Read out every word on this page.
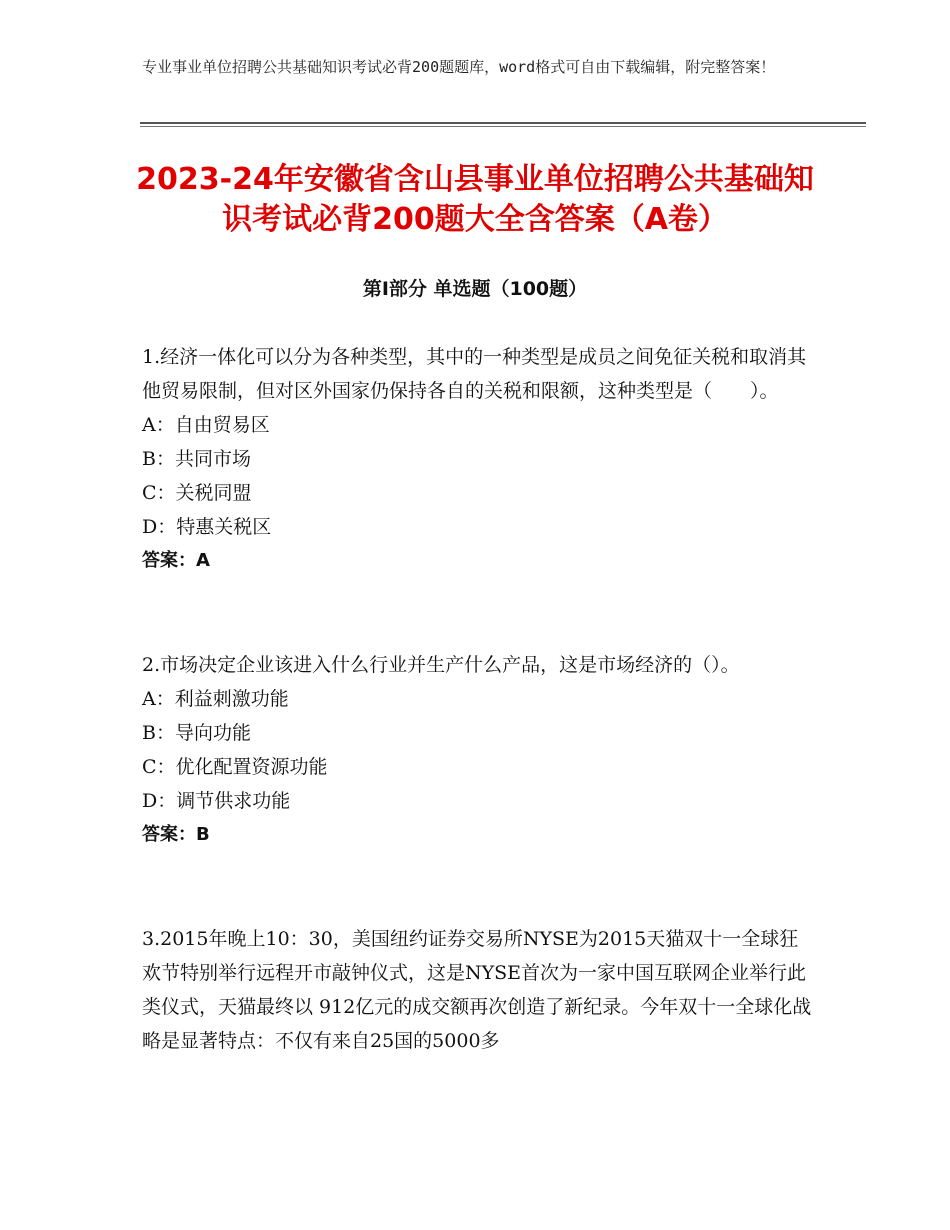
专业事业单位招聘公共基础知识考试必背200题题库，word格式可自由下载编辑，附完整答案！
2023-24年安徽省含山县事业单位招聘公共基础知识考试必背200题大全含答案（A卷）
第Ⅰ部分 单选题（100题）

1.经济一体化可以分为各种类型，其中的一种类型是成员之间免征关税和取消其他贸易限制，但对区外国家仍保持各自的关税和限额，这种类型是（　　）。

A：自由贸易区

B：共同市场

C：关税同盟

D：特惠关税区

答案：A

2.市场决定企业该进入什么行业并生产什么产品，这是市场经济的（）。

A：利益刺激功能

B：导向功能

C：优化配置资源功能

D：调节供求功能

答案：B

3.2015年晚上10：30，美国纽约证券交易所NYSE为2015天猫双十一全球狂欢节特别举行远程开市敲钟仪式，这是NYSE首次为一家中国互联网企业举行此类仪式，天猫最终以 912亿元的成交额再次创造了新纪录。今年双十一全球化战略是显著特点：不仅有来自25国的5000多
